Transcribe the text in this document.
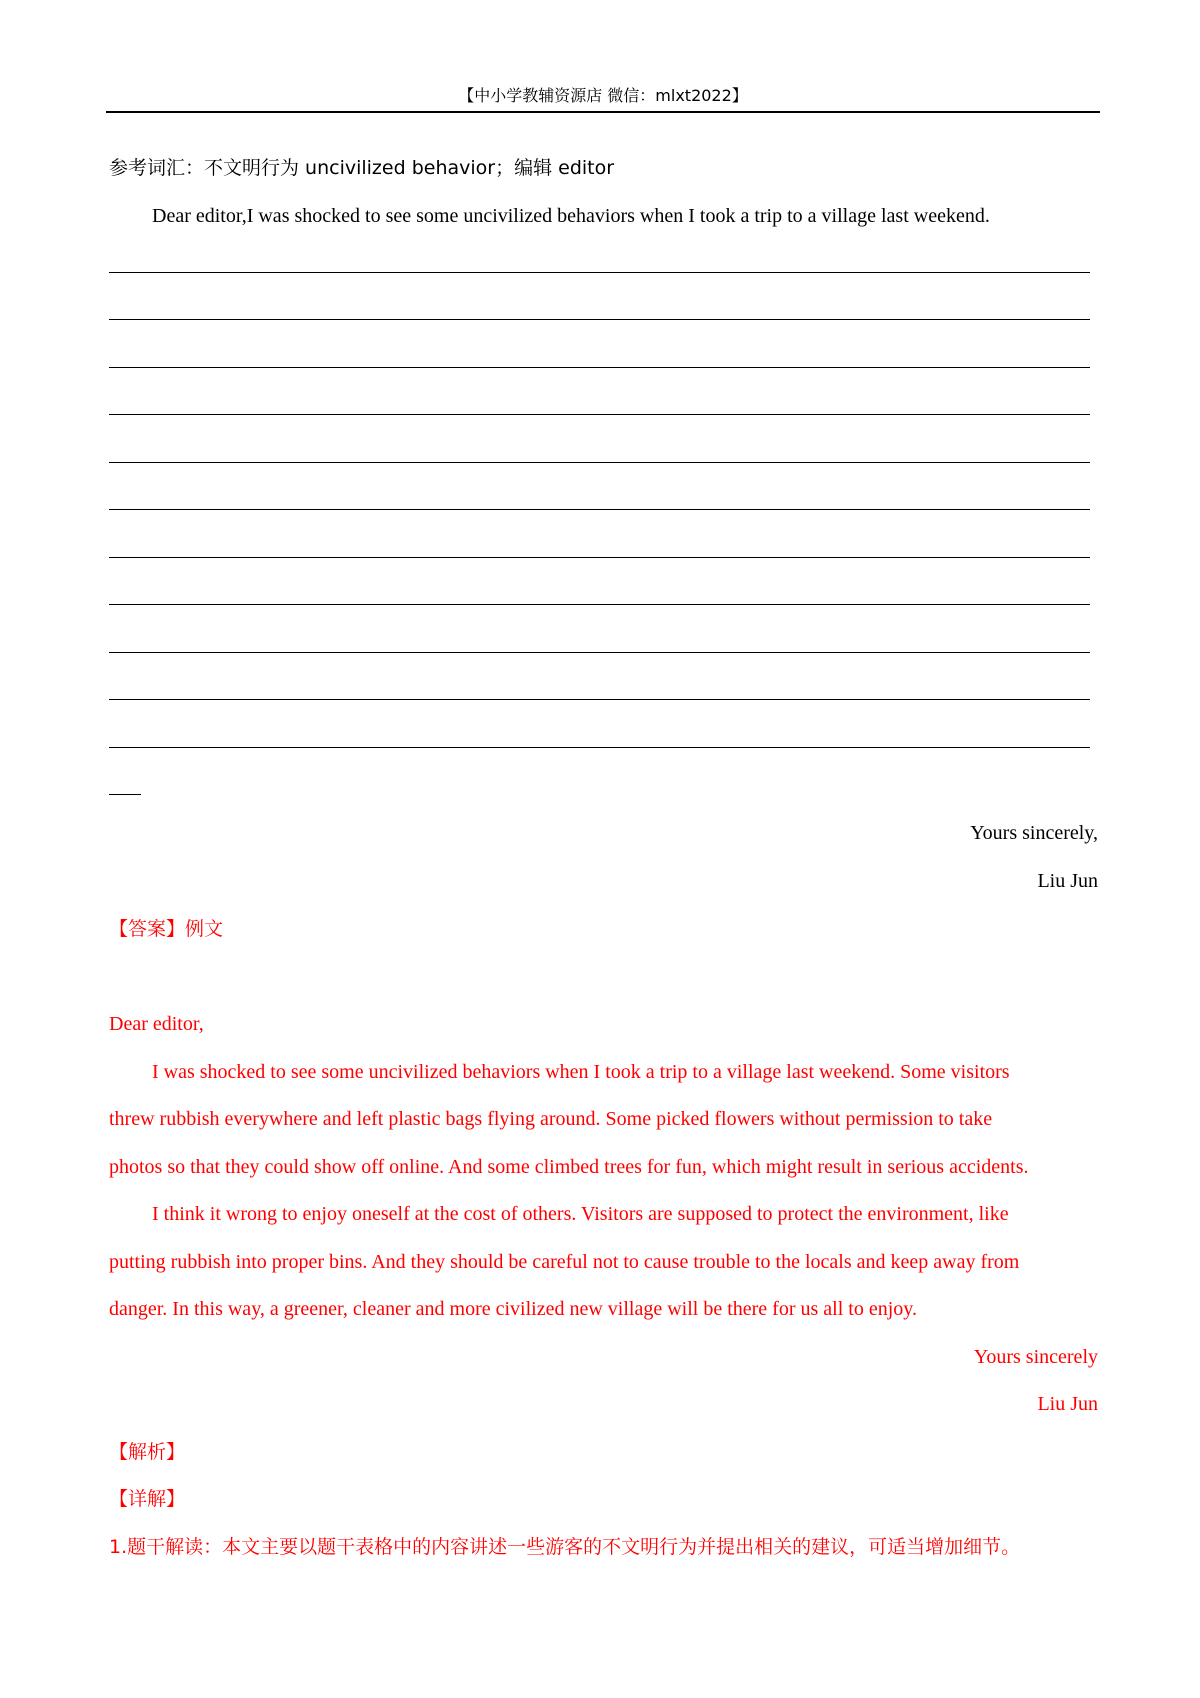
【中小学教辅资源店 微信：mlxt2022】
参考词汇：不文明行为 uncivilized behavior；编辑 editor
Dear editor,I was shocked to see some uncivilized behaviors when I took a trip to a village last weekend.
Yours sincerely,
Liu Jun
【答案】例文
Dear editor,
I was shocked to see some uncivilized behaviors when I took a trip to a village last weekend. Some visitors
threw rubbish everywhere and left plastic bags flying around. Some picked flowers without permission to take
photos so that they could show off online. And some climbed trees for fun, which might result in serious accidents.
I think it wrong to enjoy oneself at the cost of others. Visitors are supposed to protect the environment, like
putting rubbish into proper bins. And they should be careful not to cause trouble to the locals and keep away from
danger. In this way, a greener, cleaner and more civilized new village will be there for us all to enjoy.
Yours sincerely
Liu Jun
【解析】
【详解】
1.题干解读：本文主要以题干表格中的内容讲述一些游客的不文明行为并提出相关的建议，可适当增加细节。
